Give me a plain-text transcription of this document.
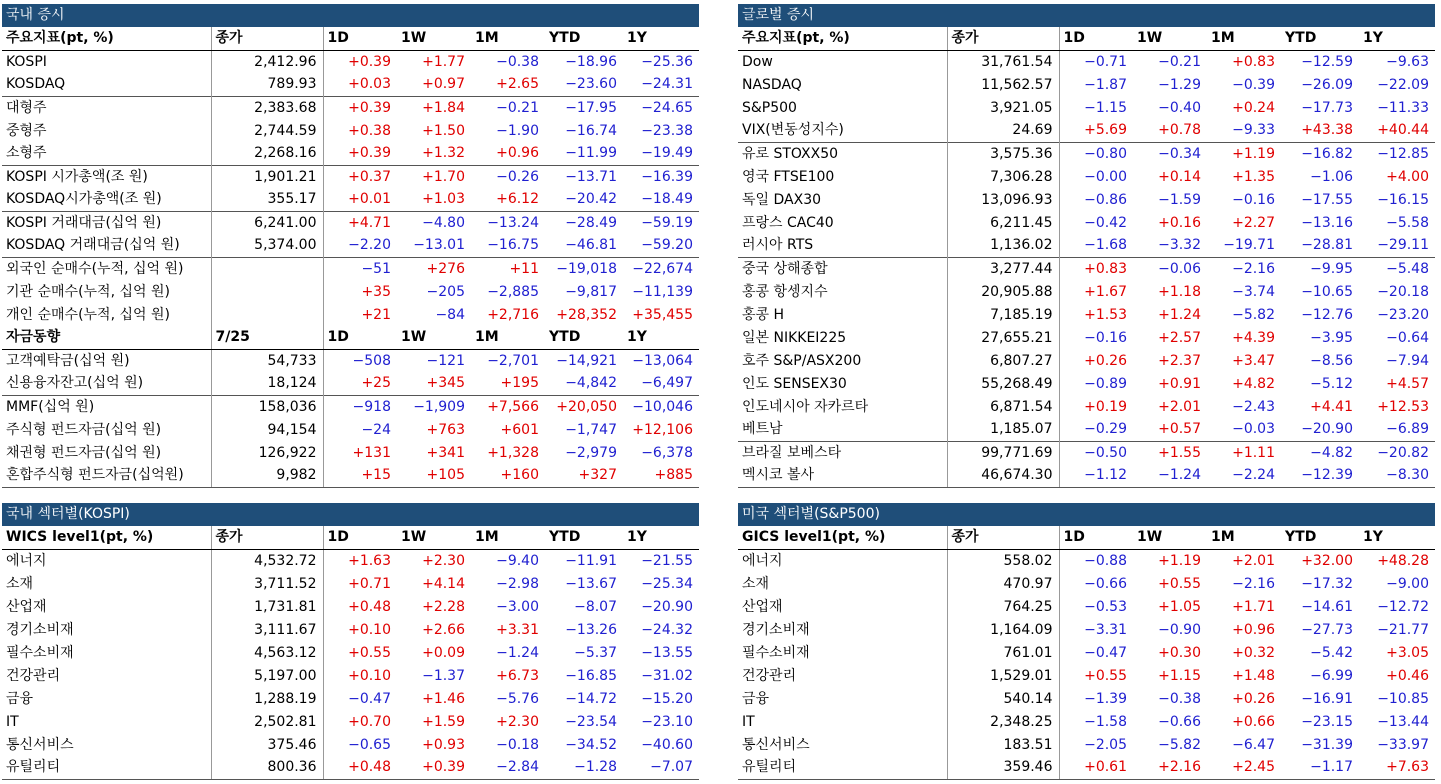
국내 증시
주요지표(pt, %)	종가	1D	1W	1M	YTD	1Y
KOSPI	2,412.96	+0.39	+1.77	−0.38	−18.96	−25.36
KOSDAQ	789.93	+0.03	+0.97	+2.65	−23.60	−24.31
대형주	2,383.68	+0.39	+1.84	−0.21	−17.95	−24.65
중형주	2,744.59	+0.38	+1.50	−1.90	−16.74	−23.38
소형주	2,268.16	+0.39	+1.32	+0.96	−11.99	−19.49
KOSPI 시가총액(조 원)	1,901.21	+0.37	+1.70	−0.26	−13.71	−16.39
KOSDAQ시가총액(조 원)	355.17	+0.01	+1.03	+6.12	−20.42	−18.49
KOSPI 거래대금(십억 원)	6,241.00	+4.71	−4.80	−13.24	−28.49	−59.19
KOSDAQ 거래대금(십억 원)	5,374.00	−2.20	−13.01	−16.75	−46.81	−59.20
외국인 순매수(누적, 십억 원)		−51	+276	+11	−19,018	−22,674
기관 순매수(누적, 십억 원)		+35	−205	−2,885	−9,817	−11,139
개인 순매수(누적, 십억 원)		+21	−84	+2,716	+28,352	+35,455
자금동향	7/25	1D	1W	1M	YTD	1Y
고객예탁금(십억 원)	54,733	−508	−121	−2,701	−14,921	−13,064
신용융자잔고(십억 원)	18,124	+25	+345	+195	−4,842	−6,497
MMF(십억 원)	158,036	−918	−1,909	+7,566	+20,050	−10,046
주식형 펀드자금(십억 원)	94,154	−24	+763	+601	−1,747	+12,106
채권형 펀드자금(십억 원)	126,922	+131	+341	+1,328	−2,979	−6,378
혼합주식형 펀드자금(십억원)	9,982	+15	+105	+160	+327	+885
글로벌 증시
주요지표(pt, %)	종가	1D	1W	1M	YTD	1Y
Dow	31,761.54	−0.71	−0.21	+0.83	−12.59	−9.63
NASDAQ	11,562.57	−1.87	−1.29	−0.39	−26.09	−22.09
S&P500	3,921.05	−1.15	−0.40	+0.24	−17.73	−11.33
VIX(변동성지수)	24.69	+5.69	+0.78	−9.33	+43.38	+40.44
유로 STOXX50	3,575.36	−0.80	−0.34	+1.19	−16.82	−12.85
영국 FTSE100	7,306.28	−0.00	+0.14	+1.35	−1.06	+4.00
독일 DAX30	13,096.93	−0.86	−1.59	−0.16	−17.55	−16.15
프랑스 CAC40	6,211.45	−0.42	+0.16	+2.27	−13.16	−5.58
러시아 RTS	1,136.02	−1.68	−3.32	−19.71	−28.81	−29.11
중국 상해종합	3,277.44	+0.83	−0.06	−2.16	−9.95	−5.48
홍콩 항셍지수	20,905.88	+1.67	+1.18	−3.74	−10.65	−20.18
홍콩 H	7,185.19	+1.53	+1.24	−5.82	−12.76	−23.20
일본 NIKKEI225	27,655.21	−0.16	+2.57	+4.39	−3.95	−0.64
호주 S&P/ASX200	6,807.27	+0.26	+2.37	+3.47	−8.56	−7.94
인도 SENSEX30	55,268.49	−0.89	+0.91	+4.82	−5.12	+4.57
인도네시아 자카르타	6,871.54	+0.19	+2.01	−2.43	+4.41	+12.53
베트남	1,185.07	−0.29	+0.57	−0.03	−20.90	−6.89
브라질 보베스타	99,771.69	−0.50	+1.55	+1.11	−4.82	−20.82
멕시코 볼사	46,674.30	−1.12	−1.24	−2.24	−12.39	−8.30
국내 섹터별(KOSPI)
WICS level1(pt, %)	종가	1D	1W	1M	YTD	1Y
에너지	4,532.72	+1.63	+2.30	−9.40	−11.91	−21.55
소재	3,711.52	+0.71	+4.14	−2.98	−13.67	−25.34
산업재	1,731.81	+0.48	+2.28	−3.00	−8.07	−20.90
경기소비재	3,111.67	+0.10	+2.66	+3.31	−13.26	−24.32
필수소비재	4,563.12	+0.55	+0.09	−1.24	−5.37	−13.55
건강관리	5,197.00	+0.10	−1.37	+6.73	−16.85	−31.02
금융	1,288.19	−0.47	+1.46	−5.76	−14.72	−15.20
IT	2,502.81	+0.70	+1.59	+2.30	−23.54	−23.10
통신서비스	375.46	−0.65	+0.93	−0.18	−34.52	−40.60
유틸리티	800.36	+0.48	+0.39	−2.84	−1.28	−7.07
미국 섹터별(S&P500)
GICS level1(pt, %)	종가	1D	1W	1M	YTD	1Y
에너지	558.02	−0.88	+1.19	+2.01	+32.00	+48.28
소재	470.97	−0.66	+0.55	−2.16	−17.32	−9.00
산업재	764.25	−0.53	+1.05	+1.71	−14.61	−12.72
경기소비재	1,164.09	−3.31	−0.90	+0.96	−27.73	−21.77
필수소비재	761.01	−0.47	+0.30	+0.32	−5.42	+3.05
건강관리	1,529.01	+0.55	+1.15	+1.48	−6.99	+0.46
금융	540.14	−1.39	−0.38	+0.26	−16.91	−10.85
IT	2,348.25	−1.58	−0.66	+0.66	−23.15	−13.44
통신서비스	183.51	−2.05	−5.82	−6.47	−31.39	−33.97
유틸리티	359.46	+0.61	+2.16	+2.45	−1.17	+7.63
